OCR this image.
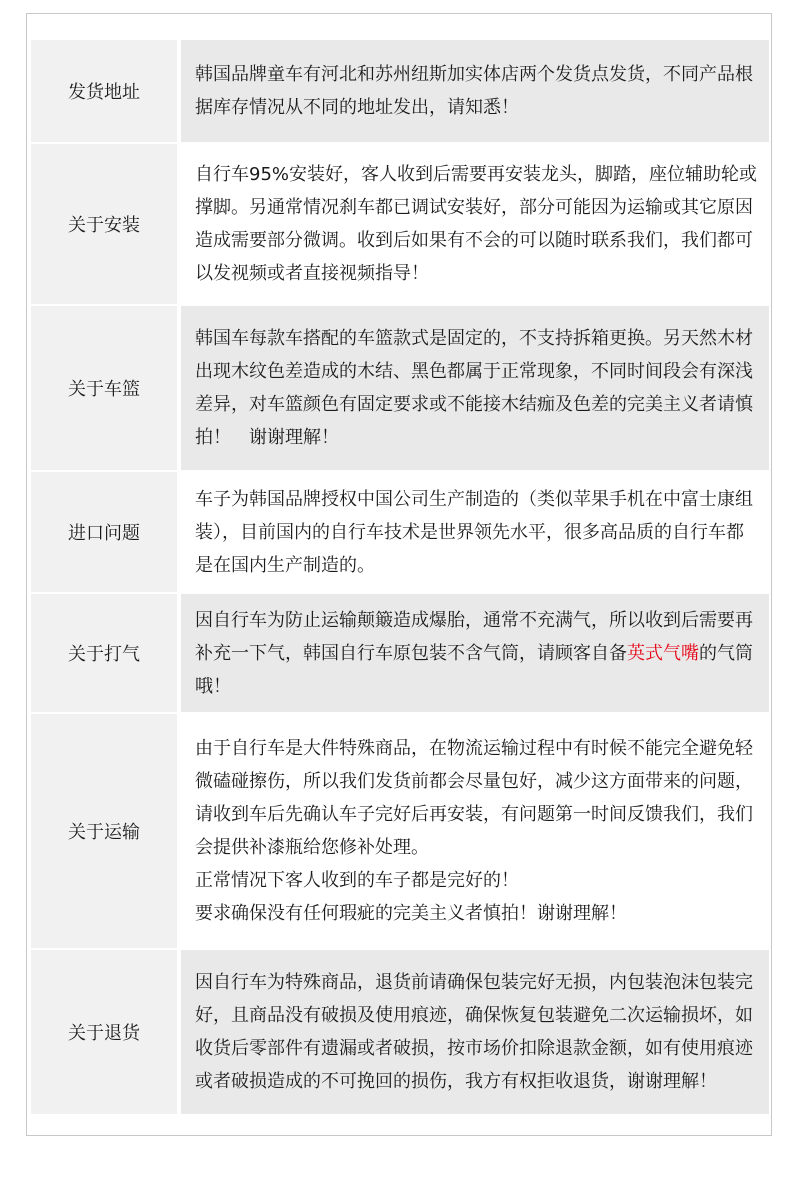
发货地址

韩国品牌童车有河北和苏州纽斯加实体店两个发货点发货，不同产品根据库存情况从不同的地址发出，请知悉！

关于安装

自行车95%安装好，客人收到后需要再安装龙头，脚踏，座位辅助轮或撑脚。另通常情况刹车都已调试安装好，部分可能因为运输或其它原因造成需要部分微调。收到后如果有不会的可以随时联系我们，我们都可以发视频或者直接视频指导！

关于车篮

韩国车每款车搭配的车篮款式是固定的，不支持拆箱更换。另天然木材出现木纹色差造成的木结、黑色都属于正常现象，不同时间段会有深浅差异，对车篮颜色有固定要求或不能接木结痂及色差的完美主义者请慎拍！　谢谢理解！

进口问题

车子为韩国品牌授权中国公司生产制造的（类似苹果手机在中富士康组装），目前国内的自行车技术是世界领先水平，很多高品质的自行车都是在国内生产制造的。

关于打气

因自行车为防止运输颠簸造成爆胎，通常不充满气，所以收到后需要再补充一下气，韩国自行车原包装不含气筒，请顾客自备英式气嘴的气筒哦！

关于运输

由于自行车是大件特殊商品，在物流运输过程中有时候不能完全避免轻微磕碰擦伤，所以我们发货前都会尽量包好，减少这方面带来的问题，请收到车后先确认车子完好后再安装，有问题第一时间反馈我们，我们会提供补漆瓶给您修补处理。

正常情况下客人收到的车子都是完好的！

要求确保没有任何瑕疵的完美主义者慎拍！谢谢理解！

关于退货

因自行车为特殊商品，退货前请确保包装完好无损，内包装泡沫包装完好，且商品没有破损及使用痕迹，确保恢复包装避免二次运输损坏，如收货后零部件有遗漏或者破损，按市场价扣除退款金额，如有使用痕迹或者破损造成的不可挽回的损伤，我方有权拒收退货，谢谢理解！
